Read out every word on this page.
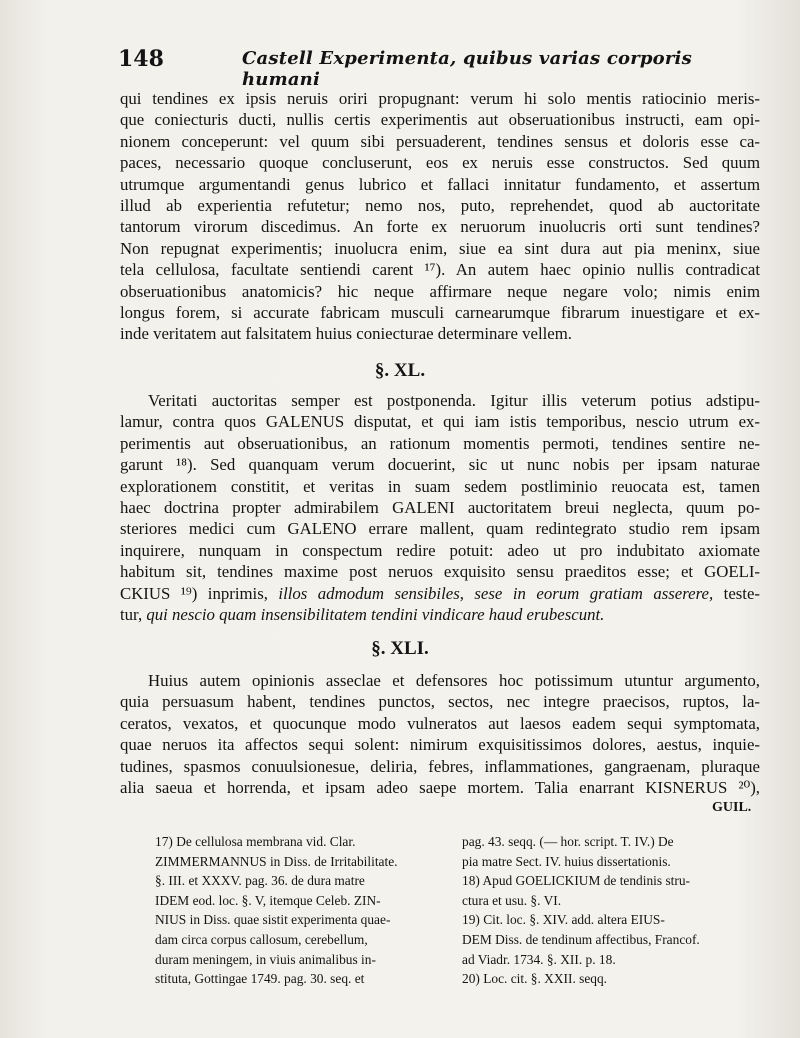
148	Castell Experimenta, quibus varias corporis humani
qui tendines ex ipsis neruis oriri propugnant: verum hi solo mentis ratiocinio meris-
que coniecturis ducti, nullis certis experimentis aut obseruationibus instructi, eam opi-
nionem conceperunt: vel quum sibi persuaderent, tendines sensus et doloris esse ca-
paces, necessario quoque concluserunt, eos ex neruis esse constructos. Sed quum
utrumque argumentandi genus lubrico et fallaci innitatur fundamento, et assertum
illud ab experientia refutetur; nemo nos, puto, reprehendet, quod ab auctoritate
tantorum virorum discedimus. An forte ex neruorum inuolucris orti sunt tendines?
Non repugnat experimentis; inuolucra enim, siue ea sint dura aut pia meninx, siue
tela cellulosa, facultate sentiendi carent ¹⁷). An autem haec opinio nullis contradicat
obseruationibus anatomicis? hic neque affirmare neque negare volo; nimis enim
longus forem, si accurate fabricam musculi carnearumque fibrarum inuestigare et ex-
inde veritatem aut falsitatem huius coniecturae determinare vellem.
§. XL.
Veritati auctoritas semper est postponenda. Igitur illis veterum potius adstipu-
lamur, contra quos GALENUS disputat, et qui iam istis temporibus, nescio utrum ex-
perimentis aut obseruationibus, an rationum momentis permoti, tendines sentire ne-
garunt ¹⁸). Sed quanquam verum docuerint, sic ut nunc nobis per ipsam naturae
explorationem constitit, et veritas in suam sedem postliminio reuocata est, tamen
haec doctrina propter admirabilem GALENI auctoritatem breui neglecta, quum po-
steriores medici cum GALENO errare mallent, quam redintegrato studio rem ipsam
inquirere, nunquam in conspectum redire potuit: adeo ut pro indubitato axiomate
habitum sit, tendines maxime post neruos exquisito sensu praeditos esse; et GOELI-
CKIUS ¹⁹) inprimis, illos admodum sensibiles, sese in eorum gratiam asserere, teste-
tur, qui nescio quam insensibilitatem tendini vindicare haud erubescunt.
§. XLI.
Huius autem opinionis asseclae et defensores hoc potissimum utuntur argumento,
quia persuasum habent, tendines punctos, sectos, nec integre praecisos, ruptos, la-
ceratos, vexatos, et quocunque modo vulneratos aut laesos eadem sequi symptomata,
quae neruos ita affectos sequi solent: nimirum exquisitissimos dolores, aestus, inquie-
tudines, spasmos conuulsionesue, deliria, febres, inflammationes, gangraenam, pluraque
alia saeua et horrenda, et ipsam adeo saepe mortem. Talia enarrant KISNERUS ²⁰),
GUIL.
17) De cellulosa membrana vid. Clar.
ZIMMERMANNUS in Diss. de Irritabilitate.
§. III. et XXXV. pag. 36. de dura matre
IDEM eod. loc. §. V, itemque Celeb. ZIN-
NIUS in Diss. quae sistit experimenta quae-
dam circa corpus callosum, cerebellum,
duram meningem, in viuis animalibus in-
stituta, Gottingae 1749. pag. 30. seq. et
pag. 43. seqq. (— hor. script. T. IV.) De
pia matre Sect. IV. huius dissertationis.
18) Apud GOELICKIUM de tendinis stru-
ctura et usu. §. VI.
19) Cit. loc. §. XIV. add. altera EIUS-
DEM Diss. de tendinum affectibus, Francof.
ad Viadr. 1734. §. XII. p. 18.
20) Loc. cit. §. XXII. seqq.
